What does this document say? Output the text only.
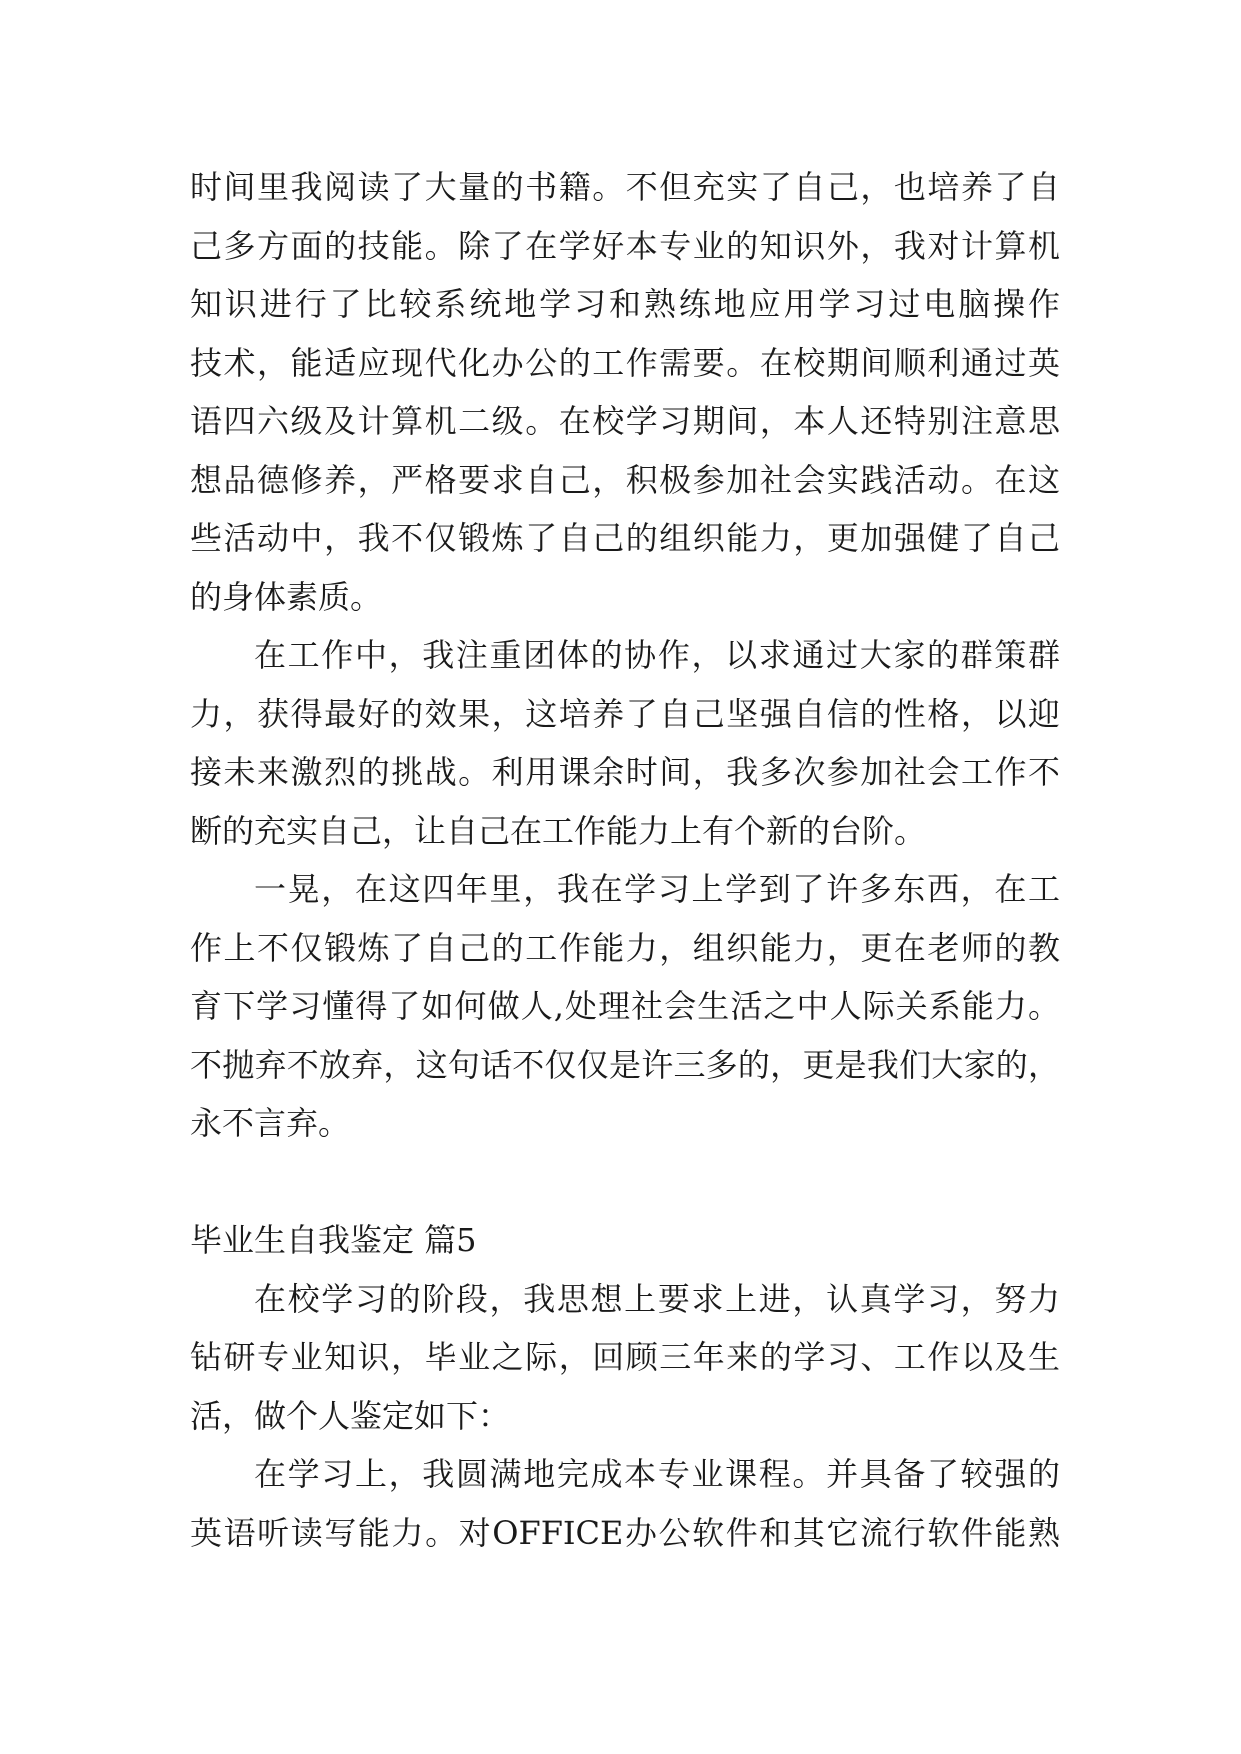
时间里我阅读了大量的书籍。不但充实了自己，也培养了自
己多方面的技能。除了在学好本专业的知识外，我对计算机
知识进行了比较系统地学习和熟练地应用学习过电脑操作
技术，能适应现代化办公的工作需要。在校期间顺利通过英
语四六级及计算机二级。在校学习期间，本人还特别注意思
想品德修养，严格要求自己，积极参加社会实践活动。在这
些活动中，我不仅锻炼了自己的组织能力，更加强健了自己
的身体素质。
在工作中，我注重团体的协作，以求通过大家的群策群
力，获得最好的效果，这培养了自己坚强自信的性格，以迎
接未来激烈的挑战。利用课余时间，我多次参加社会工作不
断的充实自己，让自己在工作能力上有个新的台阶。
一晃，在这四年里，我在学习上学到了许多东西，在工
作上不仅锻炼了自己的工作能力，组织能力，更在老师的教
育下学习懂得了如何做人,处理社会生活之中人际关系能力。
不抛弃不放弃，这句话不仅仅是许三多的，更是我们大家的，
永不言弃。
毕业生自我鉴定 篇5
在校学习的阶段，我思想上要求上进，认真学习，努力
钻研专业知识，毕业之际，回顾三年来的学习、工作以及生
活，做个人鉴定如下：
在学习上，我圆满地完成本专业课程。并具备了较强的
英语听读写能力。对OFFICE办公软件和其它流行软件能熟
